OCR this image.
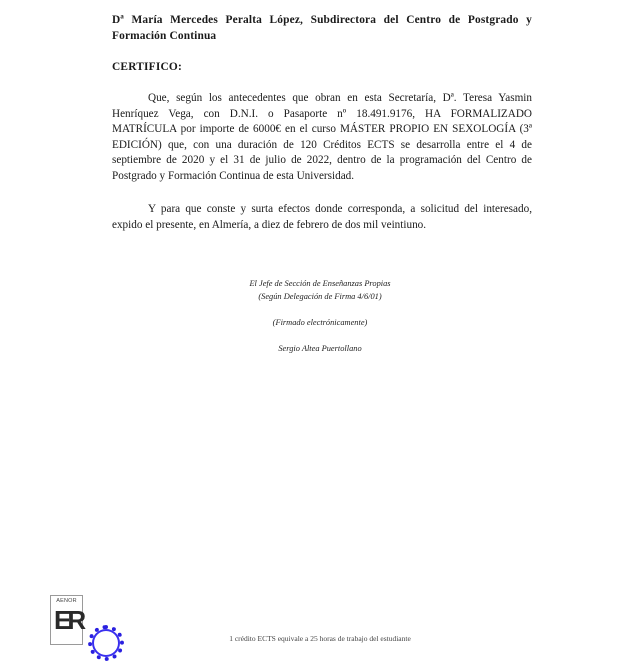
Dª María Mercedes Peralta López, Subdirectora del Centro de Postgrado y Formación Continua
CERTIFICO:
Que, según los antecedentes que obran en esta Secretaría, Dª. Teresa Yasmin Henríquez Vega, con D.N.I. o Pasaporte nº 18.491.9176, HA FORMALIZADO MATRÍCULA por importe de 6000€ en el curso MÁSTER PROPIO EN SEXOLOGÍA (3ª EDICIÓN) que, con una duración de 120 Créditos ECTS se desarrolla entre el 4 de septiembre de 2020 y el 31 de julio de 2022, dentro de la programación del Centro de Postgrado y Formación Continua de esta Universidad.
Y para que conste y surta efectos donde corresponda, a solicitud del interesado, expido el presente, en Almería, a diez de febrero de dos mil veintiuno.
El Jefe de Sección de Enseñanzas Propias
(Según Delegación de Firma 4/6/01)
(Firmado electrónicamente)
Sergio Altea Puertollano
AENOR
ER
1 crédito ECTS equivale a 25 horas de trabajo del estudiante
